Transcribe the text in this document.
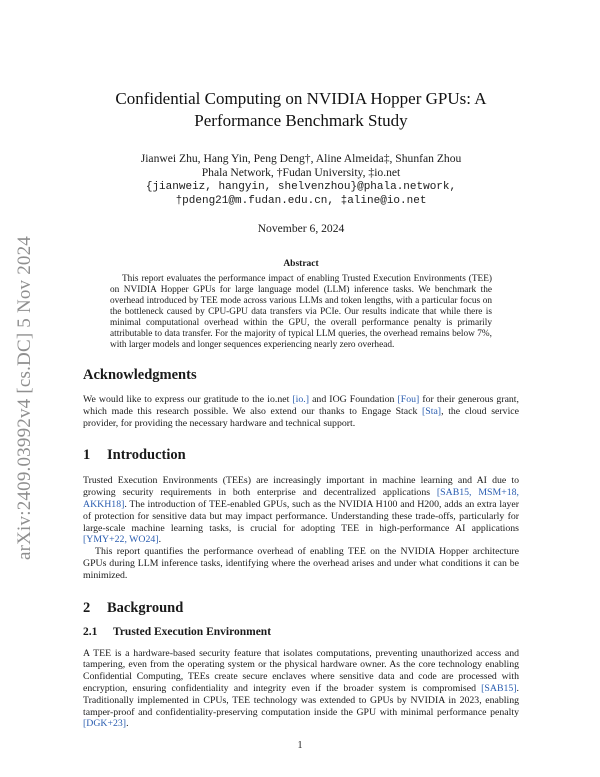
arXiv:2409.03992v4 [cs.DC] 5 Nov 2024
Confidential Computing on NVIDIA Hopper GPUs: A
Performance Benchmark Study
Jianwei Zhu, Hang Yin, Peng Deng†, Aline Almeida‡, Shunfan Zhou
Phala Network, †Fudan University, ‡io.net
{jianweiz, hangyin, shelvenzhou}@phala.network,
†pdeng21@m.fudan.edu.cn, ‡aline@io.net
November 6, 2024

Abstract

This report evaluates the performance impact of enabling Trusted Execution Environments (TEE) on NVIDIA Hopper GPUs for large language model (LLM) inference tasks. We benchmark the overhead introduced by TEE mode across various LLMs and token lengths, with a particular focus on the bottleneck caused by CPU-GPU data transfers via PCIe. Our results indicate that while there is minimal computational overhead within the GPU, the overall performance penalty is primarily attributable to data transfer. For the majority of typical LLM queries, the overhead remains below 7%, with larger models and longer sequences experiencing nearly zero overhead.

Acknowledgments

We would like to express our gratitude to the io.net [io.] and IOG Foundation [Fou] for their generous grant, which made this research possible. We also extend our thanks to Engage Stack [Sta], the cloud service provider, for providing the necessary hardware and technical support.

1	Introduction

Trusted Execution Environments (TEEs) are increasingly important in machine learning and AI due to growing security requirements in both enterprise and decentralized applications [SAB15, MSM+18, AKKH18]. The introduction of TEE-enabled GPUs, such as the NVIDIA H100 and H200, adds an extra layer of protection for sensitive data but may impact performance. Understanding these trade-offs, particularly for large-scale machine learning tasks, is crucial for adopting TEE in high-performance AI applications [YMY+22, WO24].

This report quantifies the performance overhead of enabling TEE on the NVIDIA Hopper architecture GPUs during LLM inference tasks, identifying where the overhead arises and under what conditions it can be minimized.

2	Background
2.1	Trusted Execution Environment

A TEE is a hardware-based security feature that isolates computations, preventing unauthorized access and tampering, even from the operating system or the physical hardware owner. As the core technology enabling Confidential Computing, TEEs create secure enclaves where sensitive data and code are processed with encryption, ensuring confidentiality and integrity even if the broader system is compromised [SAB15]. Traditionally implemented in CPUs, TEE technology was extended to GPUs by NVIDIA in 2023, enabling tamper-proof and confidentiality-preserving computation inside the GPU with minimal performance penalty [DGK+23].

1
